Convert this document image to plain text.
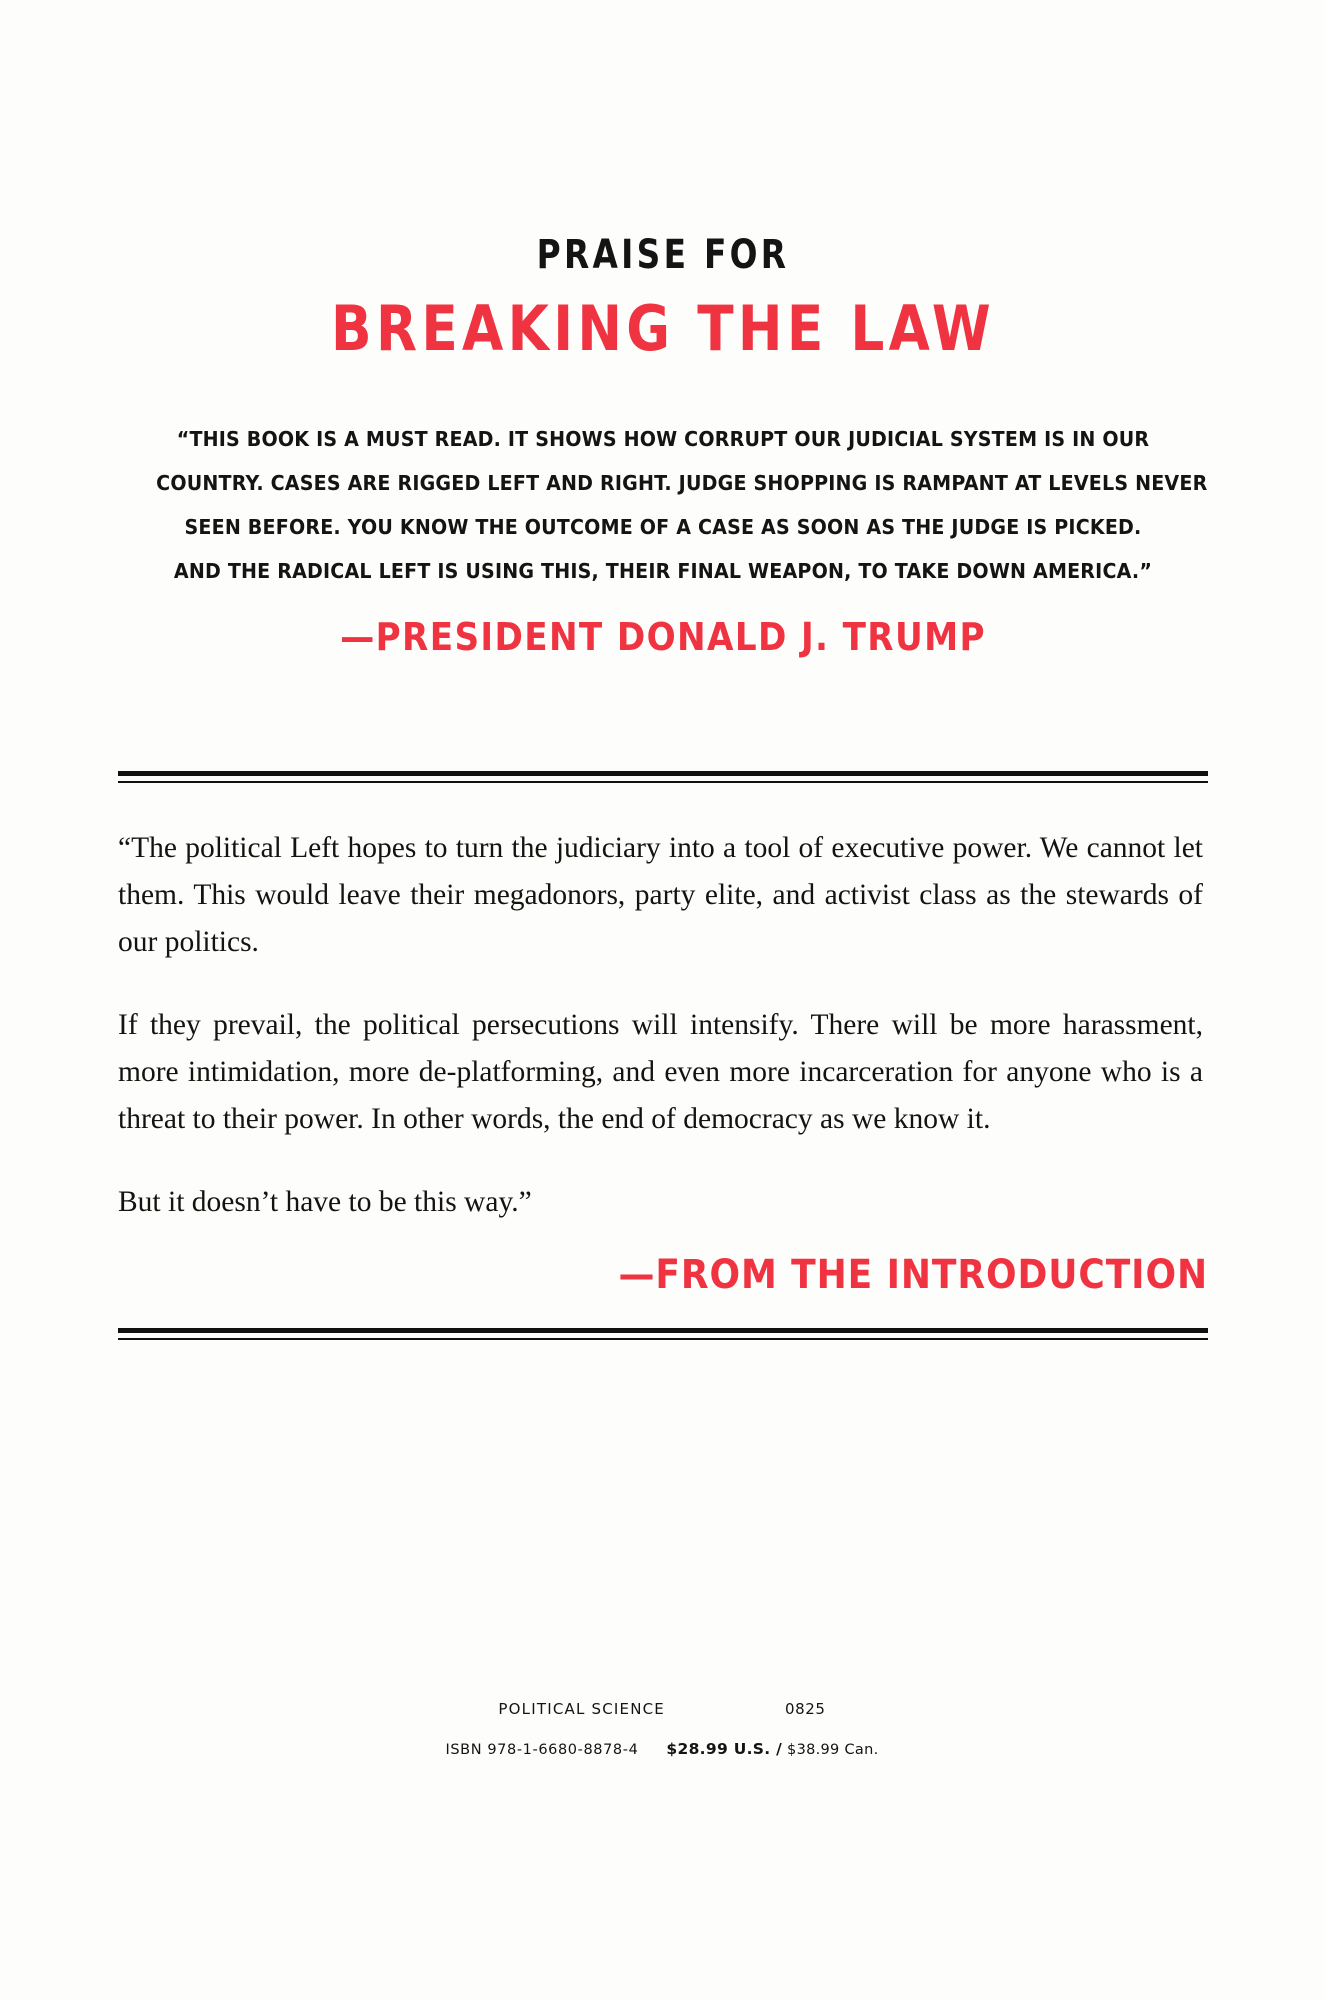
PRAISE FOR
BREAKING THE LAW
“THIS BOOK IS A MUST READ. IT SHOWS HOW CORRUPT OUR JUDICIAL SYSTEM IS IN OUR
COUNTRY. CASES ARE RIGGED LEFT AND RIGHT. JUDGE SHOPPING IS RAMPANT AT LEVELS NEVER
SEEN BEFORE. YOU KNOW THE OUTCOME OF A CASE AS SOON AS THE JUDGE IS PICKED.
AND THE RADICAL LEFT IS USING THIS, THEIR FINAL WEAPON, TO TAKE DOWN AMERICA.”
—PRESIDENT DONALD J. TRUMP

“The political Left hopes to turn the judiciary into a tool of executive power. We cannot let them. This would leave their megadonors, party elite, and activist class as the stewards of our politics.

If they prevail, the political persecutions will intensify. There will be more harassment, more intimidation, more de-platforming, and even more incarceration for anyone who is a threat to their power. In other words, the end of democracy as we know it.

But it doesn’t have to be this way.”

—FROM THE INTRODUCTION
POLITICAL SCIENCE	0825
ISBN 978-1-6680-8878-4 $28.99 U.S. / $38.99 Can.
